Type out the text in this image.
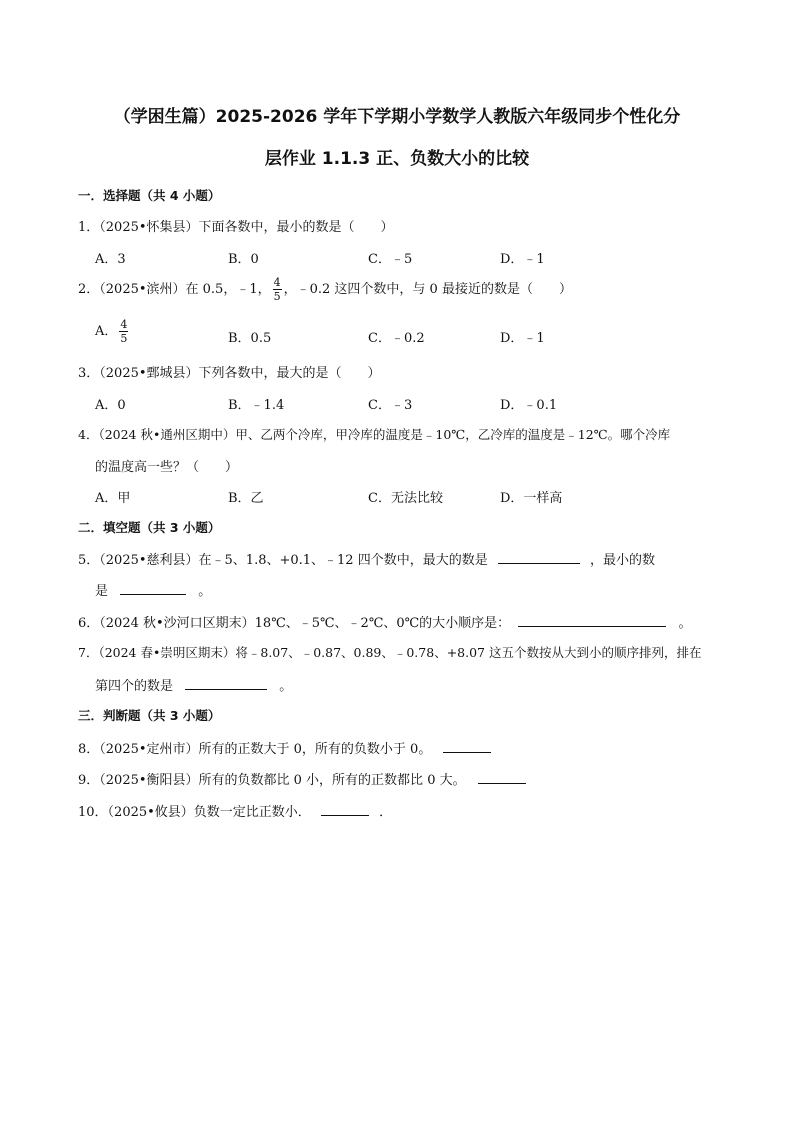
（学困生篇）2025-2026 学年下学期小学数学人教版六年级同步个性化分
层作业 1.1.3 正、负数大小的比较
一．选择题（共 4 小题）
1．（2025•怀集县）下面各数中，最小的数是（　　）
A．3	B．0	C．﹣5	D．﹣1
2．（2025•滨州）在 0.5，﹣1， $\frac{4}{5}$ ，﹣0.2 这四个数中，与 0 最接近的数是（　　）
A． $\frac{4}{5}$	B．0.5	C．﹣0.2	D．﹣1
3．（2025•鄄城县）下列各数中，最大的是（　　）
A．0	B．﹣1.4	C．﹣3	D．﹣0.1
4．（2024 秋•通州区期中）甲、乙两个冷库，甲冷库的温度是﹣10℃，乙冷库的温度是﹣12℃。哪个冷库
的温度高一些？（　　）
A．甲	B．乙	C．无法比较	D．一样高
二．填空题（共 3 小题）
5．（2025•慈利县）在﹣5、1.8、+0.1、﹣12 四个数中，最大的数是	，最小的数
是	。
6．（2024 秋•沙河口区期末）18℃、﹣5℃、﹣2℃、0℃的大小顺序是：	。
7．（2024 春•崇明区期末）将﹣8.07、﹣0.87、0.89、﹣0.78、+8.07 这五个数按从大到小的顺序排列，排在
第四个的数是	。
三．判断题（共 3 小题）
8．（2025•定州市）所有的正数大于 0，所有的负数小于 0。
9．（2025•衡阳县）所有的负数都比 0 小，所有的正数都比 0 大。
10．（2025•攸县）负数一定比正数小．	．
